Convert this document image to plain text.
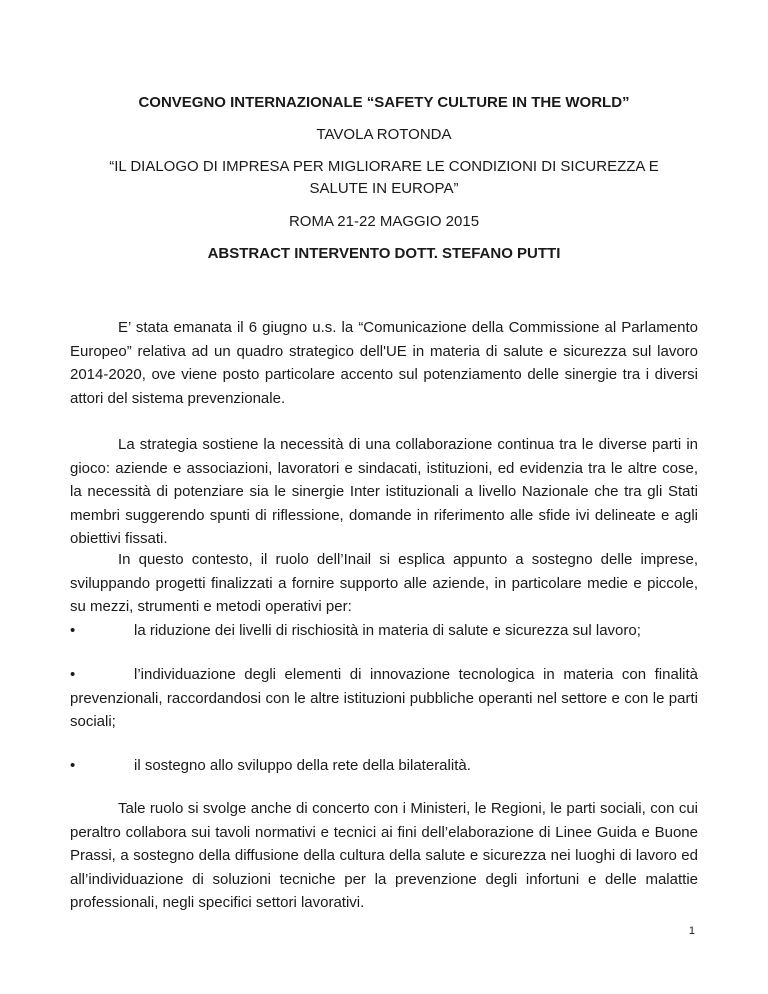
CONVEGNO INTERNAZIONALE “SAFETY CULTURE IN THE WORLD”
TAVOLA ROTONDA
“IL DIALOGO DI IMPRESA PER MIGLIORARE LE CONDIZIONI DI SICUREZZA E SALUTE IN EUROPA”
ROMA 21-22 MAGGIO 2015
ABSTRACT INTERVENTO DOTT. STEFANO PUTTI

E’ stata emanata il 6 giugno u.s. la “Comunicazione della Commissione al Parlamento Europeo” relativa ad un quadro strategico dell'UE in materia di salute e sicurezza sul lavoro 2014-2020, ove viene posto particolare accento sul potenziamento delle sinergie tra i diversi attori del sistema prevenzionale.

La strategia sostiene la necessità di una collaborazione continua tra le diverse parti in gioco: aziende e associazioni, lavoratori e sindacati, istituzioni, ed evidenzia tra le altre cose, la necessità di potenziare sia le sinergie Inter istituzionali a livello Nazionale che tra gli Stati membri suggerendo spunti di riflessione, domande in riferimento alle sfide ivi delineate e agli obiettivi fissati.

In questo contesto, il ruolo dell’Inail si esplica appunto a sostegno delle imprese, sviluppando progetti finalizzati a fornire supporto alle aziende, in particolare medie e piccole, su mezzi, strumenti e metodi operativi per:

•	la riduzione dei livelli di rischiosità in materia di salute e sicurezza sul lavoro;
•	l’individuazione degli elementi di innovazione tecnologica in materia con finalità prevenzionali, raccordandosi con le altre istituzioni pubbliche operanti nel settore e con le parti sociali;
•	il sostegno allo sviluppo della rete della bilateralità.

Tale ruolo si svolge anche di concerto con i Ministeri, le Regioni, le parti sociali, con cui peraltro collabora sui tavoli normativi e tecnici ai fini dell’elaborazione di Linee Guida e Buone Prassi, a sostegno della diffusione della cultura della salute e sicurezza nei luoghi di lavoro ed all’individuazione di soluzioni tecniche per la prevenzione degli infortuni e delle malattie professionali, negli specifici settori lavorativi.

1
